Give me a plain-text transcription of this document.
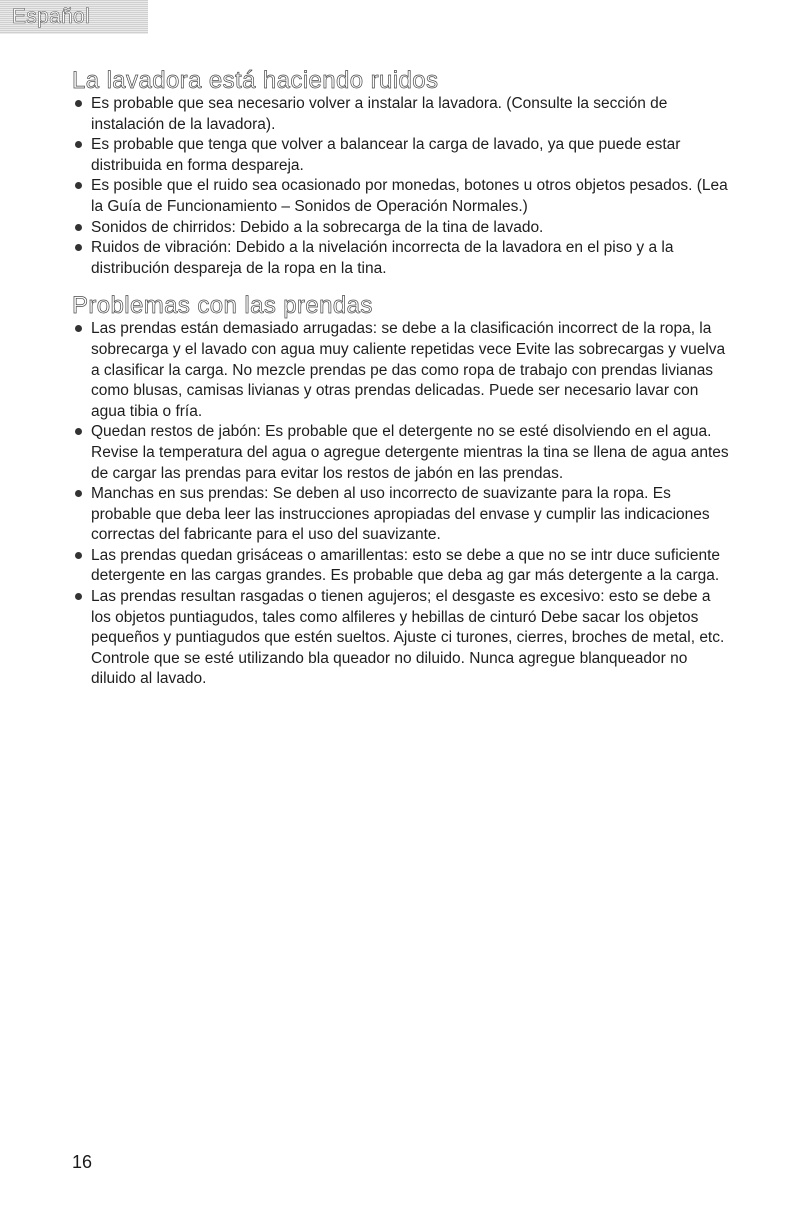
Español
La lavadora está haciendo ruidos
Es probable que sea necesario volver a instalar la lavadora. (Consulte la sección de instalación de la lavadora).
Es probable que tenga que volver a balancear la carga de lavado, ya que puede estar distribuida en forma despareja.
Es posible que el ruido sea ocasionado por monedas, botones u otros objetos pesados. (Lea la Guía de Funcionamiento – Sonidos de Operación Normales.)
Sonidos de chirridos: Debido a la sobrecarga de la tina de lavado.
Ruidos de vibración: Debido a la nivelación incorrecta de la lavadora en el piso y a la distribución despareja de la ropa en la tina.
Problemas con las prendas
Las prendas están demasiado arrugadas: se debe a la clasificación incorrect de la ropa, la sobrecarga y el lavado con agua muy caliente repetidas vece Evite las sobrecargas y vuelva a clasificar la carga. No mezcle prendas pe das como ropa de trabajo con prendas livianas como blusas, camisas livianas y otras prendas delicadas. Puede ser necesario lavar con agua tibia o fría.
Quedan restos de jabón: Es probable que el detergente no se esté disolviendo en el agua. Revise la temperatura del agua o agregue detergente mientras la tina se llena de agua antes de cargar las prendas para evitar los restos de jabón en las prendas.
Manchas en sus prendas: Se deben al uso incorrecto de suavizante para la ropa. Es probable que deba leer las instrucciones apropiadas del envase y cumplir las indicaciones correctas del fabricante para el uso del suavizante.
Las prendas quedan grisáceas o amarillentas: esto se debe a que no se intr duce suficiente detergente en las cargas grandes. Es probable que deba ag gar más detergente a la carga.
Las prendas resultan rasgadas o tienen agujeros; el desgaste es excesivo: esto se debe a los objetos puntiagudos, tales como alfileres y hebillas de cinturó Debe sacar los objetos pequeños y puntiagudos que estén sueltos. Ajuste ci turones, cierres, broches de metal, etc. Controle que se esté utilizando bla queador no diluido. Nunca agregue blanqueador no diluido al lavado.
16
